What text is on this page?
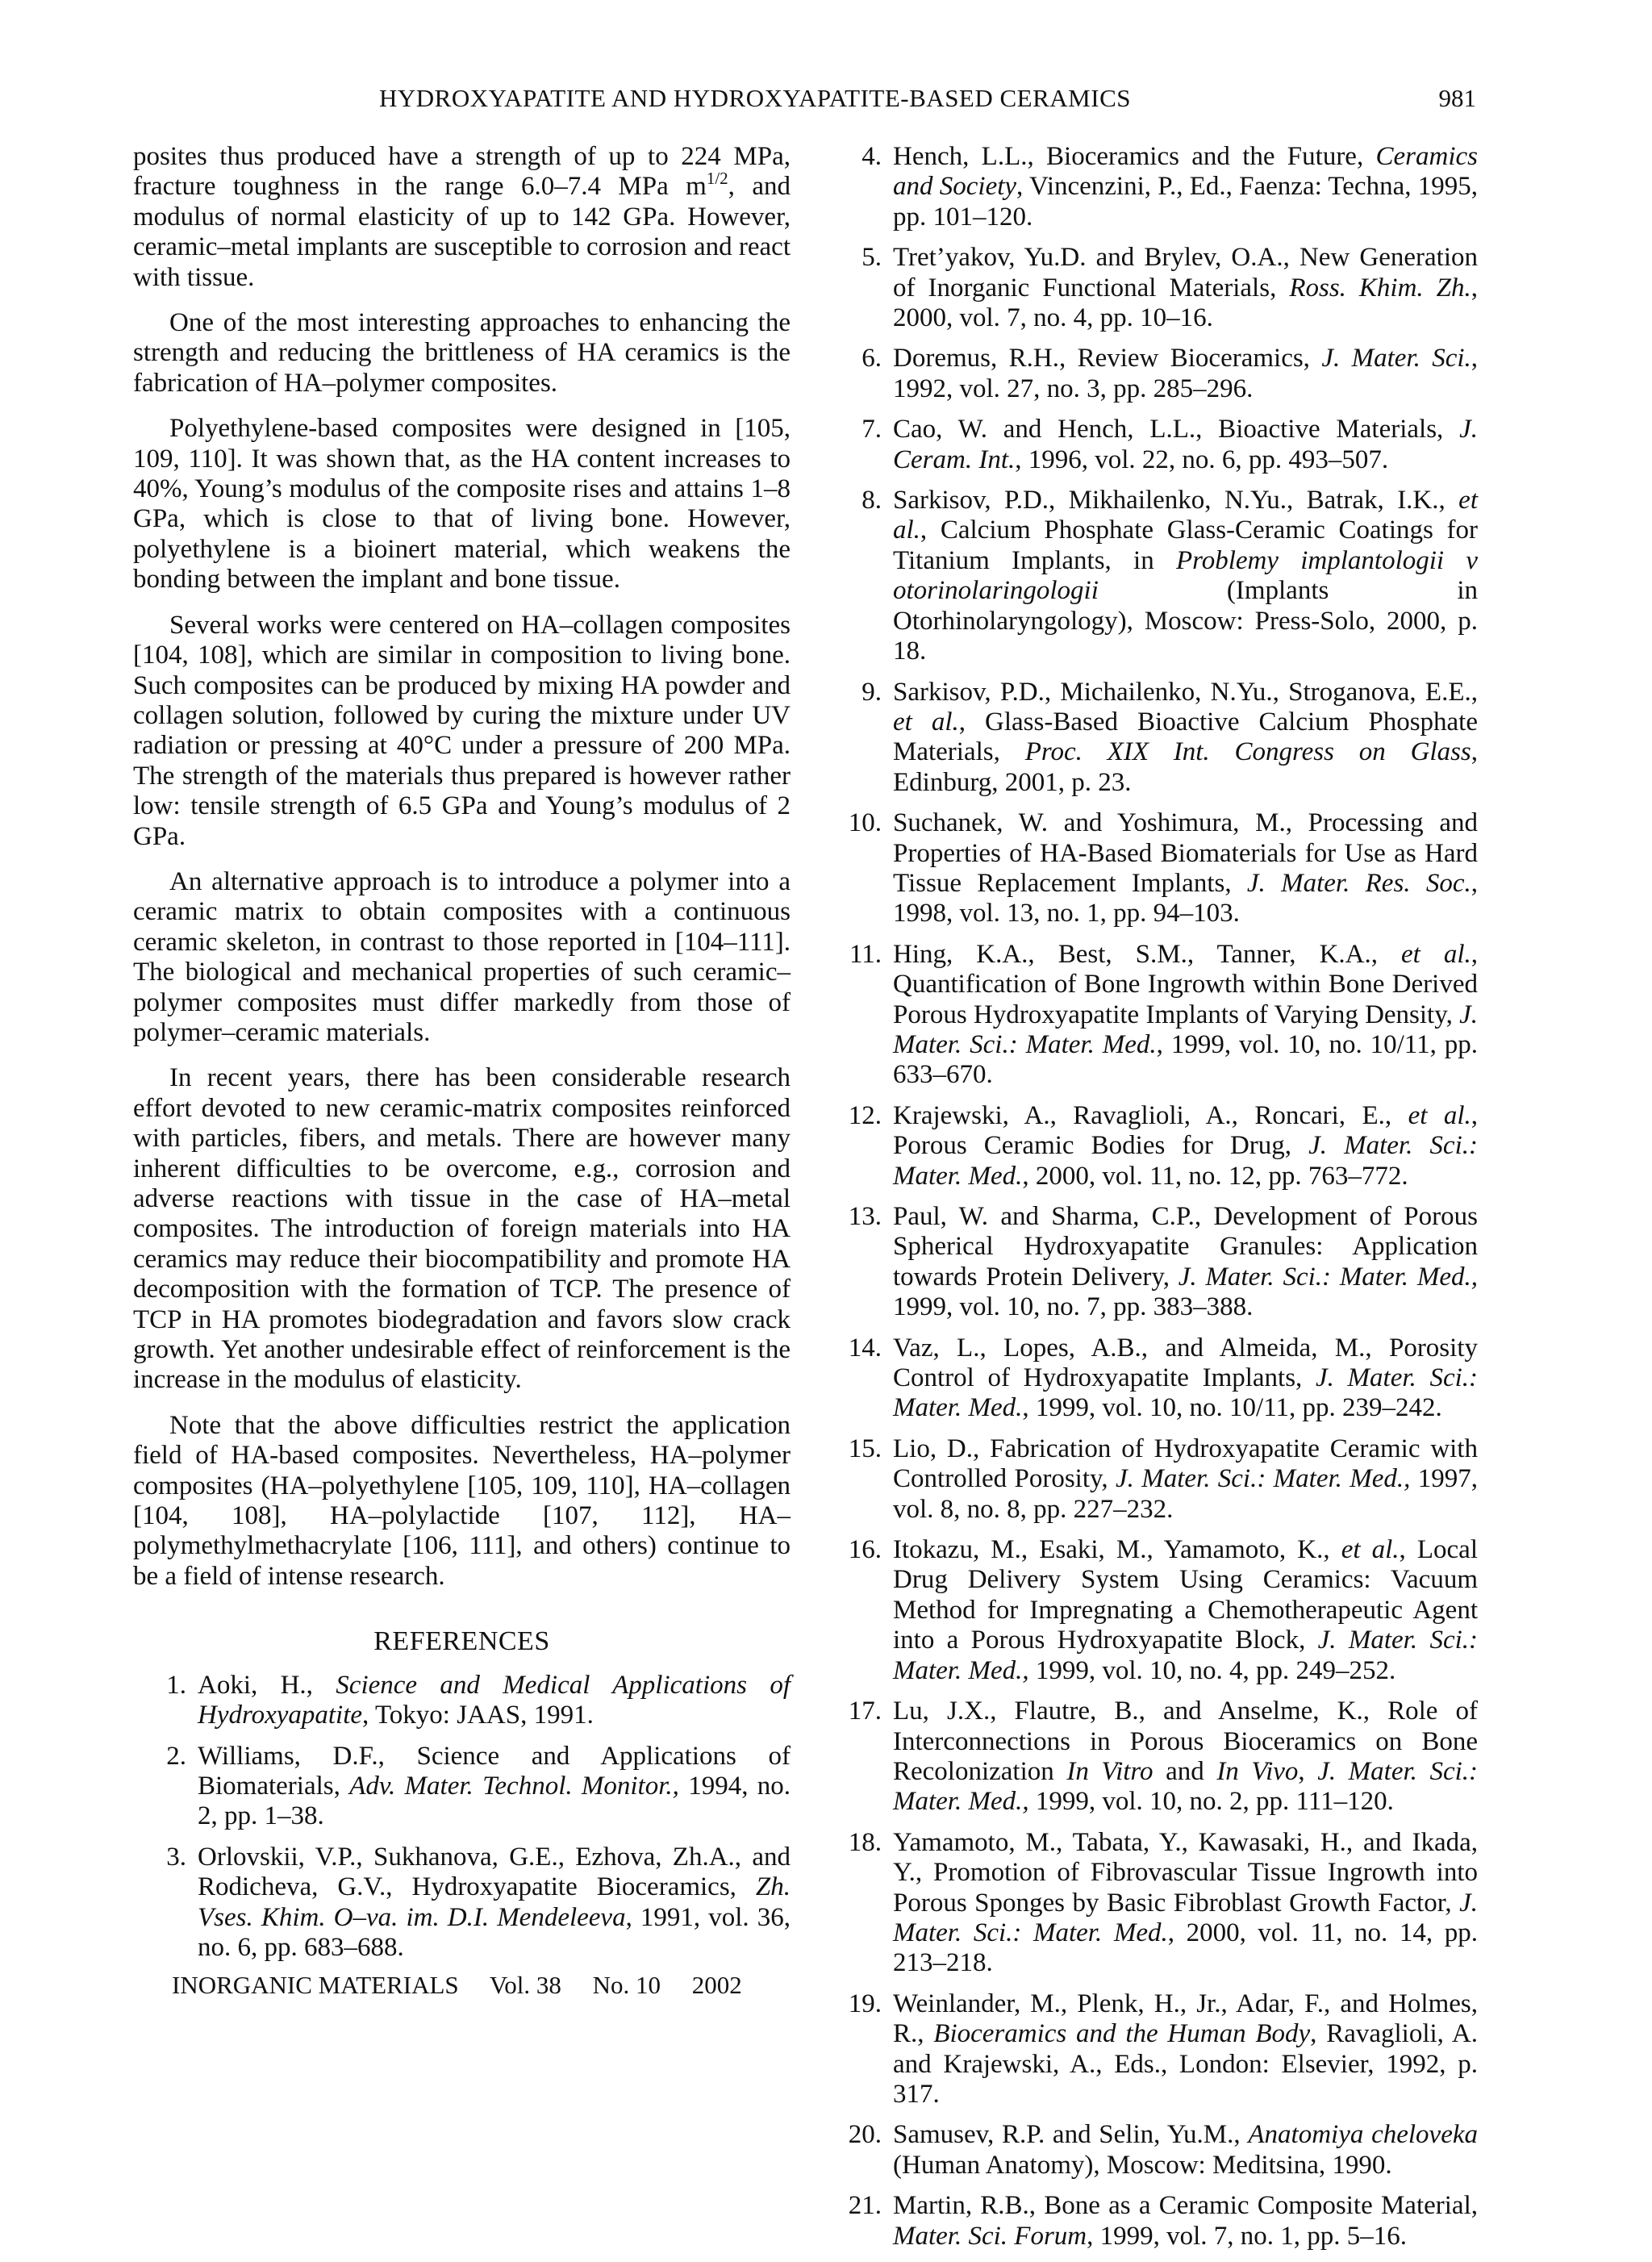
HYDROXYAPATITE AND HYDROXYAPATITE-BASED CERAMICS	981

posites thus produced have a strength of up to 224 MPa, fracture toughness in the range 6.0–7.4 MPa $m^{1/2}$, and modulus of normal elasticity of up to 142 GPa. However, ceramic–metal implants are susceptible to corrosion and react with tissue.

One of the most interesting approaches to enhancing the strength and reducing the brittleness of HA ceramics is the fabrication of HA–polymer composites.

Polyethylene-based composites were designed in [105, 109, 110]. It was shown that, as the HA content increases to 40%, Young’s modulus of the composite rises and attains 1–8 GPa, which is close to that of living bone. However, polyethylene is a bioinert material, which weakens the bonding between the implant and bone tissue.

Several works were centered on HA–collagen composites [104, 108], which are similar in composition to living bone. Such composites can be produced by mixing HA powder and collagen solution, followed by curing the mixture under UV radiation or pressing at 40°C under a pressure of 200 MPa. The strength of the materials thus prepared is however rather low: tensile strength of 6.5 GPa and Young’s modulus of 2 GPa.

An alternative approach is to introduce a polymer into a ceramic matrix to obtain composites with a continuous ceramic skeleton, in contrast to those reported in [104–111]. The biological and mechanical properties of such ceramic–polymer composites must differ markedly from those of polymer–ceramic materials.

In recent years, there has been considerable research effort devoted to new ceramic-matrix composites reinforced with particles, fibers, and metals. There are however many inherent difficulties to be overcome, e.g., corrosion and adverse reactions with tissue in the case of HA–metal composites. The introduction of foreign materials into HA ceramics may reduce their biocompatibility and promote HA decomposition with the formation of TCP. The presence of TCP in HA promotes biodegradation and favors slow crack growth. Yet another undesirable effect of reinforcement is the increase in the modulus of elasticity.

Note that the above difficulties restrict the application field of HA-based composites. Nevertheless, HA–polymer composites (HA–polyethylene [105, 109, 110], HA–collagen [104, 108], HA–polylactide [107, 112], HA–polymethylmethacrylate [106, 111], and others) continue to be a field of intense research.

REFERENCES
1. Aoki, H., Science and Medical Applications of Hydroxyapatite, Tokyo: JAAS, 1991.
2. Williams, D.F., Science and Applications of Biomaterials, Adv. Mater. Technol. Monitor., 1994, no. 2, pp. 1–38.
3. Orlovskii, V.P., Sukhanova, G.E., Ezhova, Zh.A., and Rodicheva, G.V., Hydroxyapatite Bioceramics, Zh. Vses. Khim. O–va. im. D.I. Mendeleeva, 1991, vol. 36, no. 6, pp. 683–688.
4. Hench, L.L., Bioceramics and the Future, Ceramics and Society, Vincenzini, P., Ed., Faenza: Techna, 1995, pp. 101–120.
5. Tret’yakov, Yu.D. and Brylev, O.A., New Generation of Inorganic Functional Materials, Ross. Khim. Zh., 2000, vol. 7, no. 4, pp. 10–16.
6. Doremus, R.H., Review Bioceramics, J. Mater. Sci., 1992, vol. 27, no. 3, pp. 285–296.
7. Cao, W. and Hench, L.L., Bioactive Materials, J. Ceram. Int., 1996, vol. 22, no. 6, pp. 493–507.
8. Sarkisov, P.D., Mikhailenko, N.Yu., Batrak, I.K., et al., Calcium Phosphate Glass-Ceramic Coatings for Titanium Implants, in Problemy implantologii v otorinolaringologii (Implants in Otorhinolaryngology), Moscow: Press-Solo, 2000, p. 18.
9. Sarkisov, P.D., Michailenko, N.Yu., Stroganova, E.E., et al., Glass-Based Bioactive Calcium Phosphate Materials, Proc. XIX Int. Congress on Glass, Edinburg, 2001, p. 23.
10. Suchanek, W. and Yoshimura, M., Processing and Properties of HA-Based Biomaterials for Use as Hard Tissue Replacement Implants, J. Mater. Res. Soc., 1998, vol. 13, no. 1, pp. 94–103.
11. Hing, K.A., Best, S.M., Tanner, K.A., et al., Quantification of Bone Ingrowth within Bone Derived Porous Hydroxyapatite Implants of Varying Density, J. Mater. Sci.: Mater. Med., 1999, vol. 10, no. 10/11, pp. 633–670.
12. Krajewski, A., Ravaglioli, A., Roncari, E., et al., Porous Ceramic Bodies for Drug, J. Mater. Sci.: Mater. Med., 2000, vol. 11, no. 12, pp. 763–772.
13. Paul, W. and Sharma, C.P., Development of Porous Spherical Hydroxyapatite Granules: Application towards Protein Delivery, J. Mater. Sci.: Mater. Med., 1999, vol. 10, no. 7, pp. 383–388.
14. Vaz, L., Lopes, A.B., and Almeida, M., Porosity Control of Hydroxyapatite Implants, J. Mater. Sci.: Mater. Med., 1999, vol. 10, no. 10/11, pp. 239–242.
15. Lio, D., Fabrication of Hydroxyapatite Ceramic with Controlled Porosity, J. Mater. Sci.: Mater. Med., 1997, vol. 8, no. 8, pp. 227–232.
16. Itokazu, M., Esaki, M., Yamamoto, K., et al., Local Drug Delivery System Using Ceramics: Vacuum Method for Impregnating a Chemotherapeutic Agent into a Porous Hydroxyapatite Block, J. Mater. Sci.: Mater. Med., 1999, vol. 10, no. 4, pp. 249–252.
17. Lu, J.X., Flautre, B., and Anselme, K., Role of Interconnections in Porous Bioceramics on Bone Recolonization In Vitro and In Vivo, J. Mater. Sci.: Mater. Med., 1999, vol. 10, no. 2, pp. 111–120.
18. Yamamoto, M., Tabata, Y., Kawasaki, H., and Ikada, Y., Promotion of Fibrovascular Tissue Ingrowth into Porous Sponges by Basic Fibroblast Growth Factor, J. Mater. Sci.: Mater. Med., 2000, vol. 11, no. 14, pp. 213–218.
19. Weinlander, M., Plenk, H., Jr., Adar, F., and Holmes, R., Bioceramics and the Human Body, Ravaglioli, A. and Krajewski, A., Eds., London: Elsevier, 1992, p. 317.
20. Samusev, R.P. and Selin, Yu.M., Anatomiya cheloveka (Human Anatomy), Moscow: Meditsina, 1990.
21. Martin, R.B., Bone as a Ceramic Composite Material, Mater. Sci. Forum, 1999, vol. 7, no. 1, pp. 5–16.
INORGANIC MATERIALS Vol. 38 No. 10 2002
